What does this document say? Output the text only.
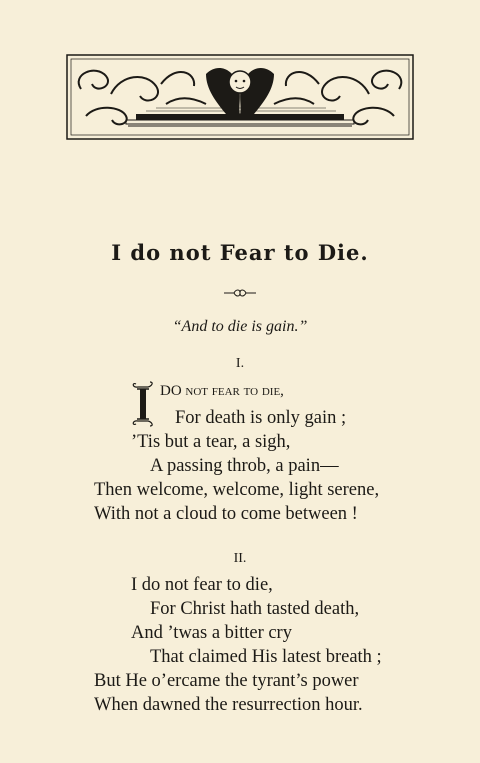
I do not Fear to Die.
“And to die is gain.”
I.
DO not fear to die,
For death is only gain ;
’Tis but a tear, a sigh,
A passing throb, a pain—
Then welcome, welcome, light serene,
With not a cloud to come between !
II.
I do not fear to die,
For Christ hath tasted death,
And ’twas a bitter cry
That claimed His latest breath ;
But He o’ercame the tyrant’s power
When dawned the resurrection hour.
